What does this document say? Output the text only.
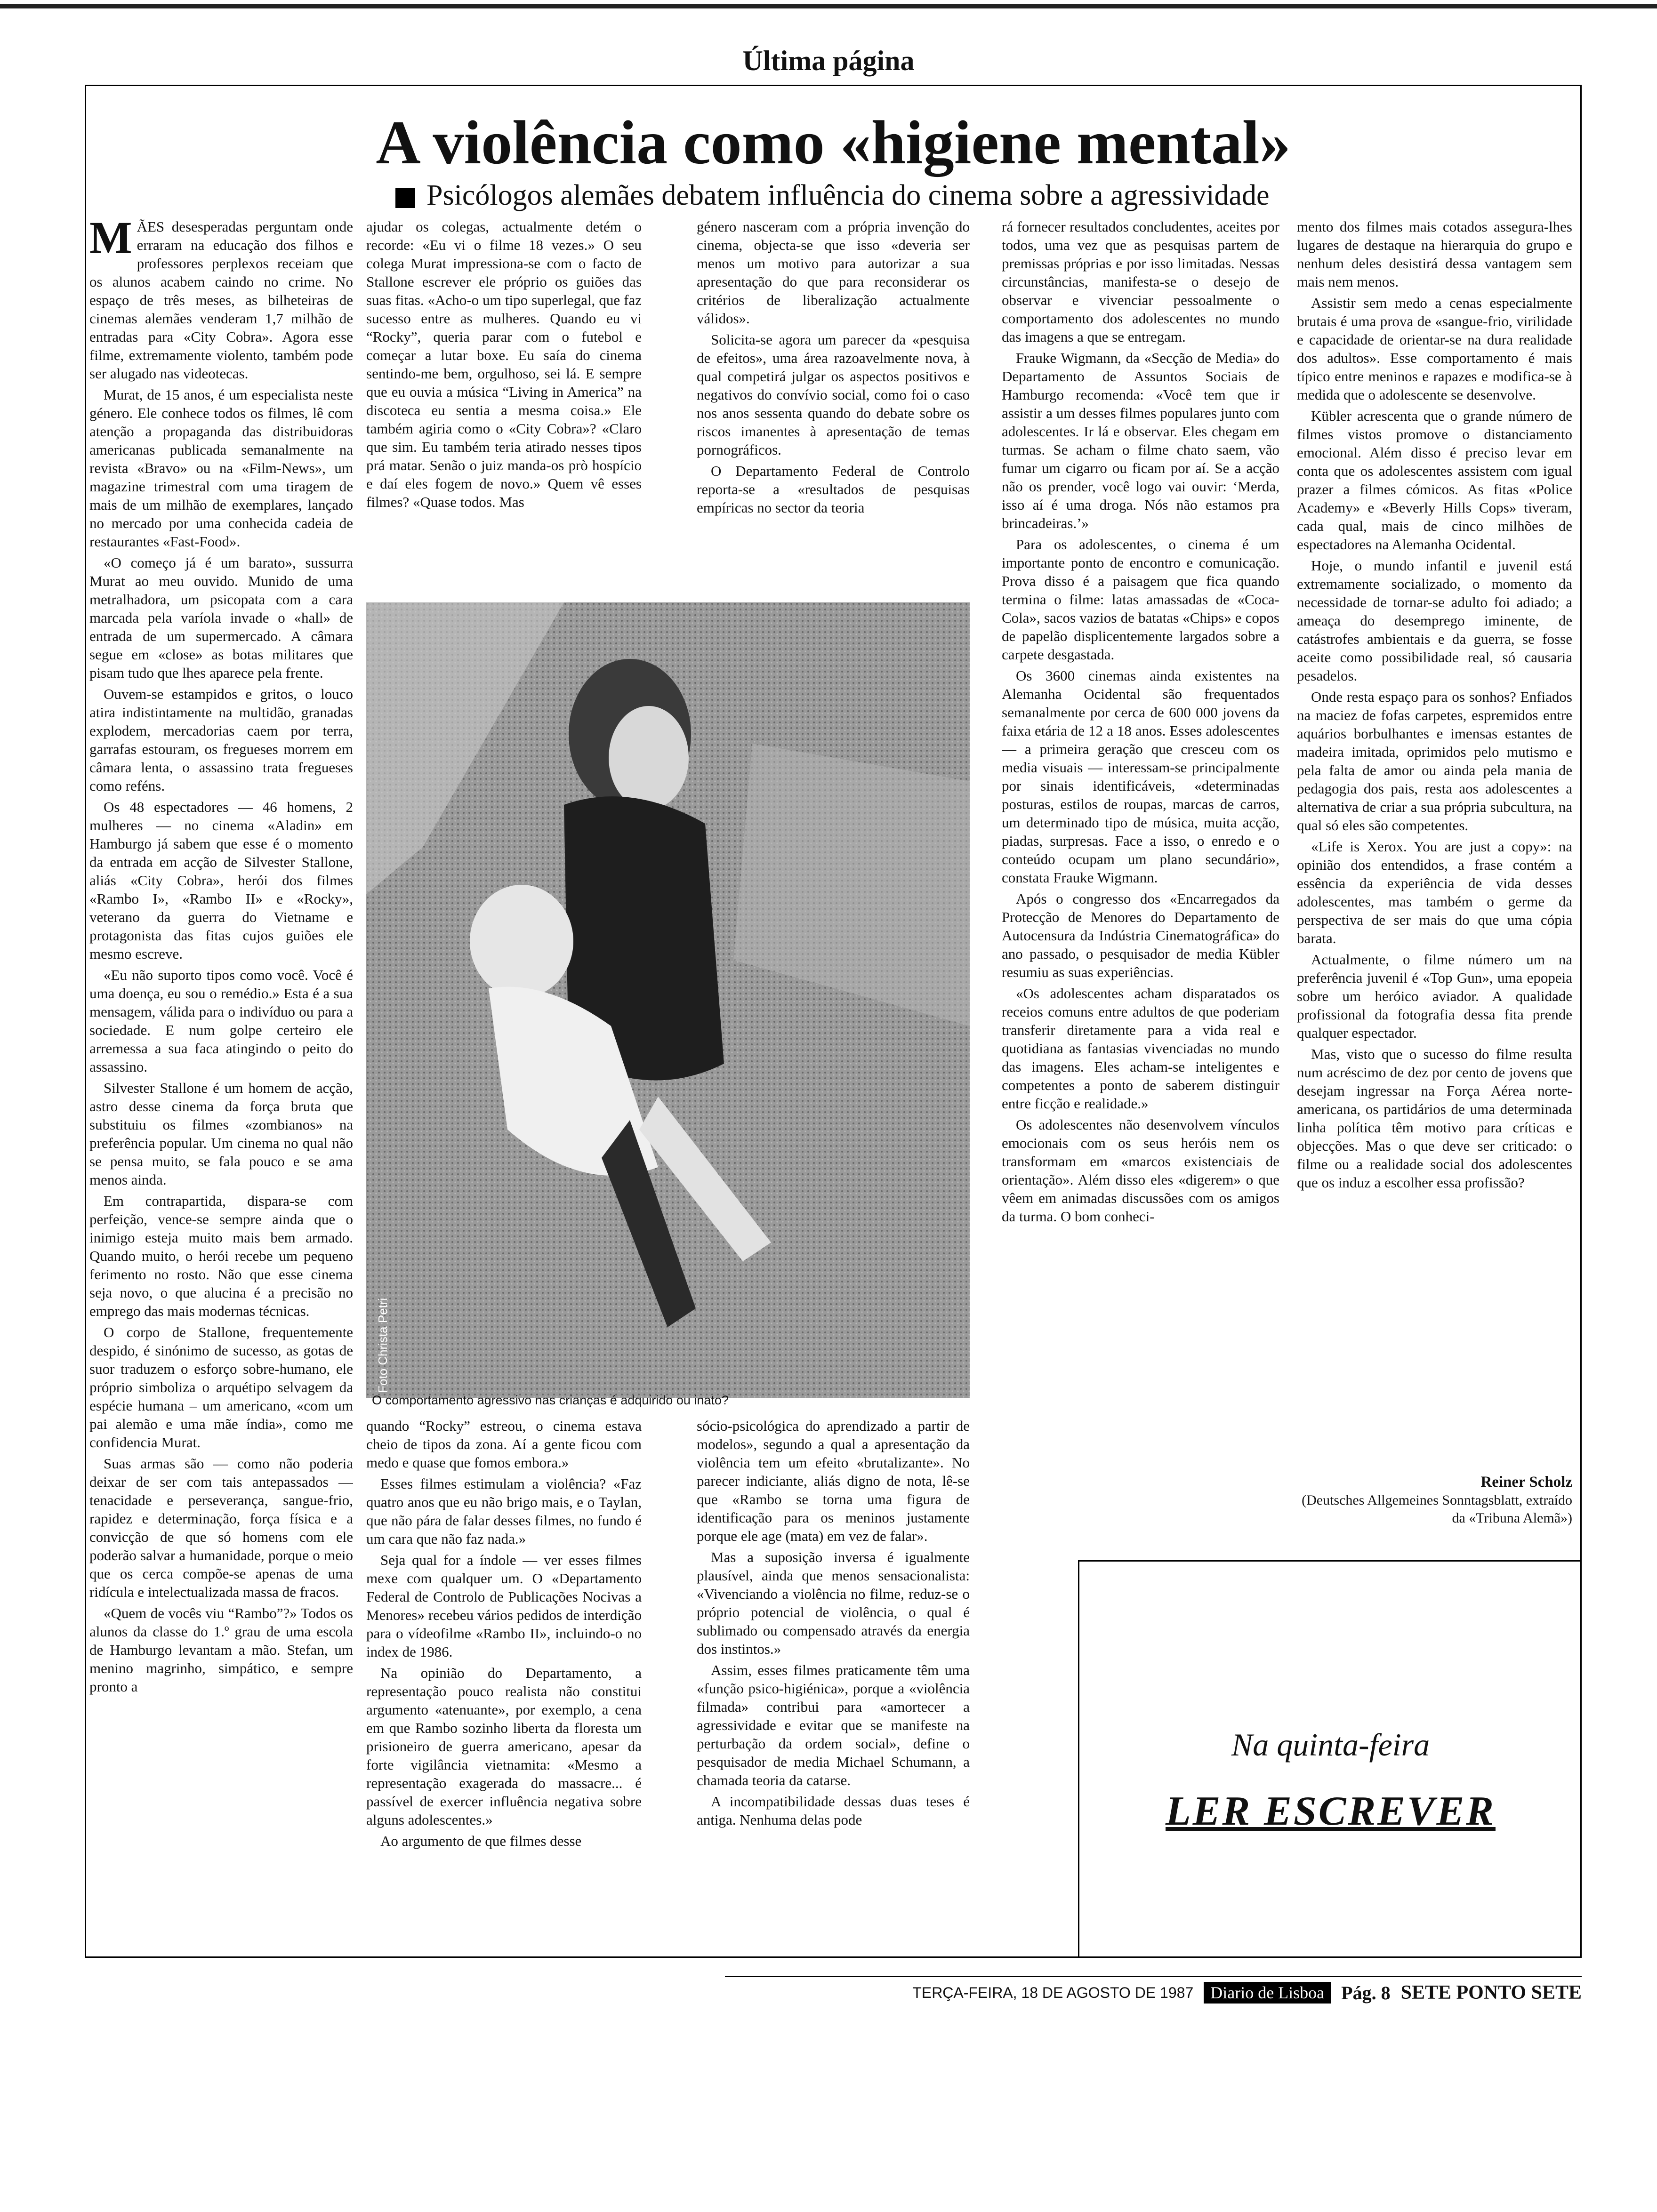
Última página
A violência como «higiene mental»
Psicólogos alemães debatem influência do cinema sobre a agressividade

MÃES desesperadas perguntam onde erraram na educação dos filhos e professores perplexos receiam que os alunos acabem caindo no crime. No espaço de três meses, as bilheteiras de cinemas alemães venderam 1,7 milhão de entradas para «City Cobra». Agora esse filme, extremamente violento, também pode ser alugado nas videotecas.

Murat, de 15 anos, é um especialista neste género. Ele conhece todos os filmes, lê com atenção a propaganda das distribuidoras americanas publicada semanalmente na revista «Bravo» ou na «Film-News», um magazine trimestral com uma tiragem de mais de um milhão de exemplares, lançado no mercado por uma conhecida cadeia de restaurantes «Fast-Food».

«O começo já é um barato», sussurra Murat ao meu ouvido. Munido de uma metralhadora, um psicopata com a cara marcada pela varíola invade o «hall» de entrada de um supermercado. A câmara segue em «close» as botas militares que pisam tudo que lhes aparece pela frente.

Ouvem-se estampidos e gritos, o louco atira indistintamente na multidão, granadas explodem, mercadorias caem por terra, garrafas estouram, os fregueses morrem em câmara lenta, o assassino trata fregueses como reféns.

Os 48 espectadores — 46 homens, 2 mulheres — no cinema «Aladin» em Hamburgo já sabem que esse é o momento da entrada em acção de Silvester Stallone, aliás «City Cobra», herói dos filmes «Rambo I», «Rambo II» e «Rocky», veterano da guerra do Vietname e protagonista das fitas cujos guiões ele mesmo escreve.

«Eu não suporto tipos como você. Você é uma doença, eu sou o remédio.» Esta é a sua mensagem, válida para o indivíduo ou para a sociedade. E num golpe certeiro ele arremessa a sua faca atingindo o peito do assassino.

Silvester Stallone é um homem de acção, astro desse cinema da força bruta que substituiu os filmes «zombianos» na preferência popular. Um cinema no qual não se pensa muito, se fala pouco e se ama menos ainda.

Em contrapartida, dispara-se com perfeição, vence-se sempre ainda que o inimigo esteja muito mais bem armado. Quando muito, o herói recebe um pequeno ferimento no rosto. Não que esse cinema seja novo, o que alucina é a precisão no emprego das mais modernas técnicas.

O corpo de Stallone, frequentemente despido, é sinónimo de sucesso, as gotas de suor traduzem o esforço sobre-humano, ele próprio simboliza o arquétipo selvagem da espécie humana – um americano, «com um pai alemão e uma mãe índia», como me confidencia Murat.

Suas armas são — como não poderia deixar de ser com tais antepassados — tenacidade e perseverança, sangue-frio, rapidez e determinação, força física e a convicção de que só homens com ele poderão salvar a humanidade, porque o meio que os cerca compõe-se apenas de uma ridícula e intelectualizada massa de fracos.

«Quem de vocês viu “Rambo”?» Todos os alunos da classe do 1.º grau de uma escola de Hamburgo levantam a mão. Stefan, um menino magrinho, simpático, e sempre pronto a

ajudar os colegas, actualmente detém o recorde: «Eu vi o filme 18 vezes.» O seu colega Murat impressiona-se com o facto de Stallone escrever ele próprio os guiões das suas fitas. «Acho-o um tipo superlegal, que faz sucesso entre as mulheres. Quando eu vi “Rocky”, queria parar com o futebol e começar a lutar boxe. Eu saía do cinema sentindo-me bem, orgulhoso, sei lá. E sempre que eu ouvia a música “Living in America” na discoteca eu sentia a mesma coisa.» Ele também agiria como o «City Cobra»? «Claro que sim. Eu também teria atirado nesses tipos prá matar. Senão o juiz manda-os prò hospício e daí eles fogem de novo.» Quem vê esses filmes? «Quase todos. Mas

género nasceram com a própria invenção do cinema, objecta-se que isso «deveria ser menos um motivo para autorizar a sua apresentação do que para reconsiderar os critérios de liberalização actualmente válidos».

Solicita-se agora um parecer da «pesquisa de efeitos», uma área razoavelmente nova, à qual competirá julgar os aspectos positivos e negativos do convívio social, como foi o caso nos anos sessenta quando do debate sobre os riscos imanentes à apresentação de temas pornográficos.

O Departamento Federal de Controlo reporta-se a «resultados de pesquisas empíricas no sector da teoria

Foto Christa Petri
O comportamento agressivo nas crianças é adquirido ou inato?

quando “Rocky” estreou, o cinema estava cheio de tipos da zona. Aí a gente ficou com medo e quase que fomos embora.»

Esses filmes estimulam a violência? «Faz quatro anos que eu não brigo mais, e o Taylan, que não pára de falar desses filmes, no fundo é um cara que não faz nada.»

Seja qual for a índole — ver esses filmes mexe com qualquer um. O «Departamento Federal de Controlo de Publicações Nocivas a Menores» recebeu vários pedidos de interdição para o vídeofilme «Rambo II», incluindo-o no index de 1986.

Na opinião do Departamento, a representação pouco realista não constitui argumento «atenuante», por exemplo, a cena em que Rambo sozinho liberta da floresta um prisioneiro de guerra americano, apesar da forte vigilância vietnamita: «Mesmo a representação exagerada do massacre... é passível de exercer influência negativa sobre alguns adolescentes.»

Ao argumento de que filmes desse

sócio-psicológica do aprendizado a partir de modelos», segundo a qual a apresentação da violência tem um efeito «brutalizante». No parecer indiciante, aliás digno de nota, lê-se que «Rambo se torna uma figura de identificação para os meninos justamente porque ele age (mata) em vez de falar».

Mas a suposição inversa é igualmente plausível, ainda que menos sensacionalista: «Vivenciando a violência no filme, reduz-se o próprio potencial de violência, o qual é sublimado ou compensado através da energia dos instintos.»

Assim, esses filmes praticamente têm uma «função psico-higiénica», porque a «violência filmada» contribui para «amortecer a agressividade e evitar que se manifeste na perturbação da ordem social», define o pesquisador de media Michael Schumann, a chamada teoria da catarse.

A incompatibilidade dessas duas teses é antiga. Nenhuma delas pode

rá fornecer resultados concludentes, aceites por todos, uma vez que as pesquisas partem de premissas próprias e por isso limitadas. Nessas circunstâncias, manifesta-se o desejo de observar e vivenciar pessoalmente o comportamento dos adolescentes no mundo das imagens a que se entregam.

Frauke Wigmann, da «Secção de Media» do Departamento de Assuntos Sociais de Hamburgo recomenda: «Você tem que ir assistir a um desses filmes populares junto com adolescentes. Ir lá e observar. Eles chegam em turmas. Se acham o filme chato saem, vão fumar um cigarro ou ficam por aí. Se a acção não os prender, você logo vai ouvir: ‘Merda, isso aí é uma droga. Nós não estamos pra brincadeiras.’»

Para os adolescentes, o cinema é um importante ponto de encontro e comunicação. Prova disso é a paisagem que fica quando termina o filme: latas amassadas de «Coca-Cola», sacos vazios de batatas «Chips» e copos de papelão displicentemente largados sobre a carpete desgastada.

Os 3600 cinemas ainda existentes na Alemanha Ocidental são frequentados semanalmente por cerca de 600 000 jovens da faixa etária de 12 a 18 anos. Esses adolescentes — a primeira geração que cresceu com os media visuais — interessam-se principalmente por sinais identificáveis, «determinadas posturas, estilos de roupas, marcas de carros, um determinado tipo de música, muita acção, piadas, surpresas. Face a isso, o enredo e o conteúdo ocupam um plano secundário», constata Frauke Wigmann.

Após o congresso dos «Encarregados da Protecção de Menores do Departamento de Autocensura da Indústria Cinematográfica» do ano passado, o pesquisador de media Kübler resumiu as suas experiências.

«Os adolescentes acham disparatados os receios comuns entre adultos de que poderiam transferir diretamente para a vida real e quotidiana as fantasias vivenciadas no mundo das imagens. Eles acham-se inteligentes e competentes a ponto de saberem distinguir entre ficção e realidade.»

Os adolescentes não desenvolvem vínculos emocionais com os seus heróis nem os transformam em «marcos existenciais de orientação». Além disso eles «digerem» o que vêem em animadas discussões com os amigos da turma. O bom conheci-

mento dos filmes mais cotados assegura-lhes lugares de destaque na hierarquia do grupo e nenhum deles desistirá dessa vantagem sem mais nem menos.

Assistir sem medo a cenas especialmente brutais é uma prova de «sangue-frio, virilidade e capacidade de orientar-se na dura realidade dos adultos». Esse comportamento é mais típico entre meninos e rapazes e modifica-se à medida que o adolescente se desenvolve.

Kübler acrescenta que o grande número de filmes vistos promove o distanciamento emocional. Além disso é preciso levar em conta que os adolescentes assistem com igual prazer a filmes cómicos. As fitas «Police Academy» e «Beverly Hills Cops» tiveram, cada qual, mais de cinco milhões de espectadores na Alemanha Ocidental.

Hoje, o mundo infantil e juvenil está extremamente socializado, o momento da necessidade de tornar-se adulto foi adiado; a ameaça do desemprego iminente, de catástrofes ambientais e da guerra, se fosse aceite como possibilidade real, só causaria pesadelos.

Onde resta espaço para os sonhos? Enfiados na maciez de fofas carpetes, espremidos entre aquários borbulhantes e imensas estantes de madeira imitada, oprimidos pelo mutismo e pela falta de amor ou ainda pela mania de pedagogia dos pais, resta aos adolescentes a alternativa de criar a sua própria subcultura, na qual só eles são competentes.

«Life is Xerox. You are just a copy»: na opinião dos entendidos, a frase contém a essência da experiência de vida desses adolescentes, mas também o germe da perspectiva de ser mais do que uma cópia barata.

Actualmente, o filme número um na preferência juvenil é «Top Gun», uma epopeia sobre um heróico aviador. A qualidade profissional da fotografia dessa fita prende qualquer espectador.

Mas, visto que o sucesso do filme resulta num acréscimo de dez por cento de jovens que desejam ingressar na Força Aérea norte-americana, os partidários de uma determinada linha política têm motivo para críticas e objecções. Mas o que deve ser criticado: o filme ou a realidade social dos adolescentes que os induz a escolher essa profissão?

Reiner Scholz
(Deutsches Allgemeines Sonntagsblatt, extraído da «Tribuna Alemã»)
Na quinta-feira
LER ESCREVER
TERÇA-FEIRA, 18 DE AGOSTO DE 1987	Diario de Lisboa Pág. 8 SETE PONTO SETE
